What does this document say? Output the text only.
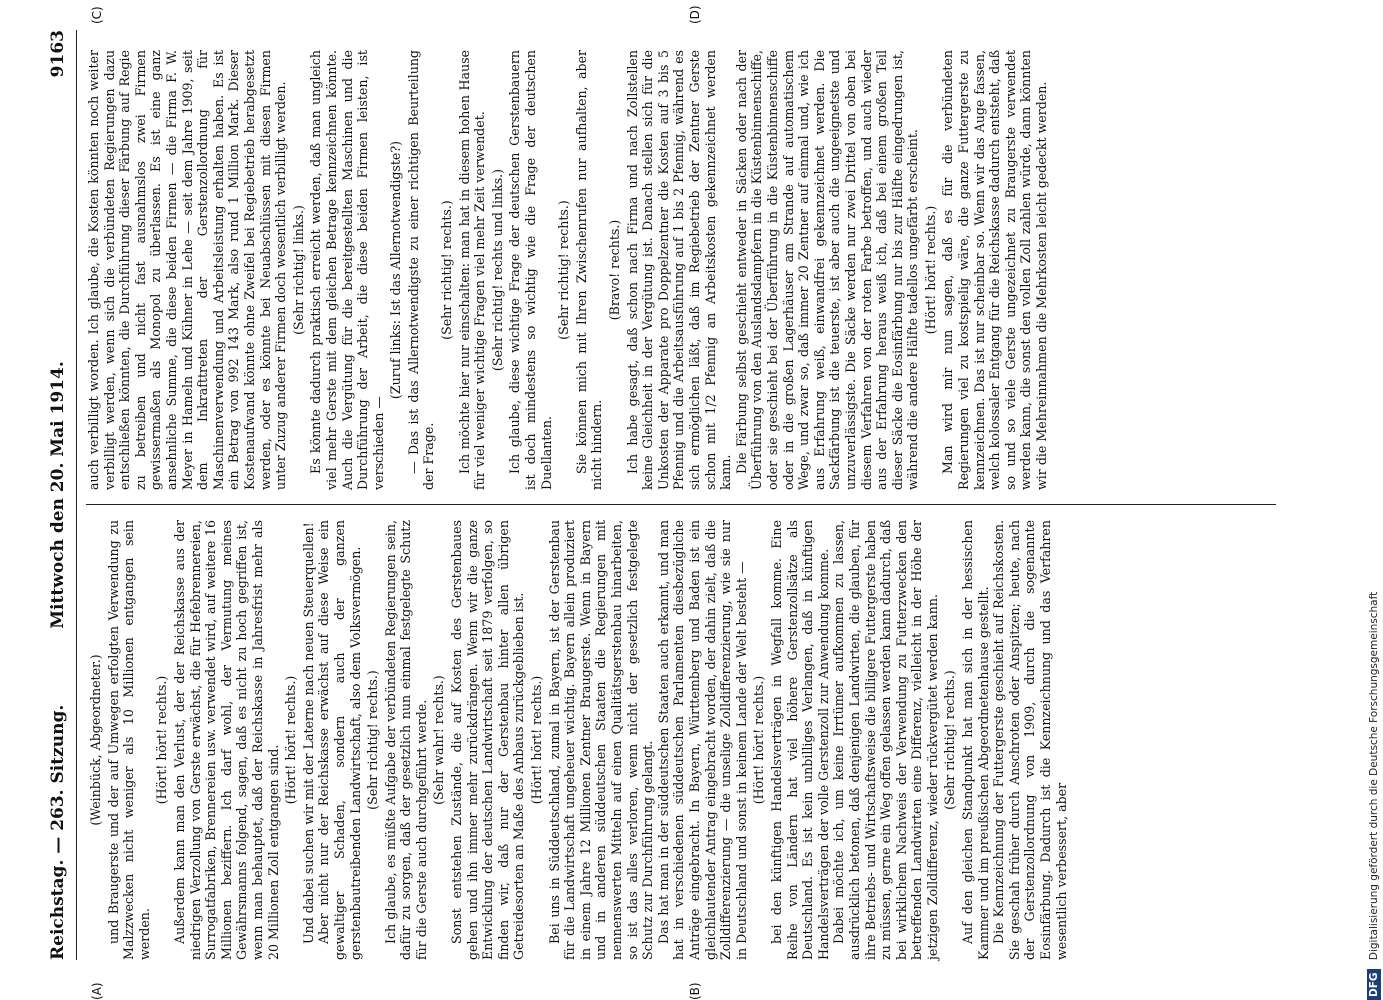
Reichstag. — 263. Sitzung.
Mittwoch den 20. Mai 1914.
9163

(Weinbück, Abgeordneter.) und Braugerste und der auf Umwegen erfolgten Verwendung zu Malzzwecken nicht weniger als 10 Millionen entgangen sein werden.

(Hört! hört! rechts.) Außerdem kann man den Verlust, der der Reichskasse aus der niedrigen Verzollung von Gerste erwächst, die für Hefebrennereien, Surrogatfabriken, Brennereien usw. verwendet wird, auf weitere 16 Millionen beziffern. Ich darf wohl, der Vermutung meines Gewährsmanns folgend, sagen, daß es nicht zu hoch gegriffen ist, wenn man behauptet, daß der Reichskasse in Jahresfrist mehr als 20 Millionen Zoll entgangen sind.

(Hört! hört! rechts.) Und dabei suchen wir mit der Laterne nach neuen Steuerquellen! Aber nicht nur der Reichskasse erwächst auf diese Weise ein gewaltiger Schaden, sondern auch der ganzen gerstenbautreibenden Landwirtschaft, also dem Volksvermögen. (Sehr richtig! rechts.) Ich glaube, es müßte Aufgabe der verbündeten Regierungen sein, dafür zu sorgen, daß der gesetzlich nun einmal festgelegte Schutz für die Gerste auch durchgeführt werde. (Sehr wahr! rechts.) Sonst entstehen Zustände, die auf Kosten des Gerstenbaues gehen und ihn immer mehr zurückdrängen. Wenn wir die ganze Entwicklung der deutschen Landwirtschaft seit 1879 verfolgen, so finden wir, daß nur der Gerstenbau hinter allen übrigen Getreidesorten an Maße des Anbaus zurückgeblieben ist. (Hört! hört! rechts.) Bei uns in Süddeutschland, zumal in Bayern, ist der Gerstenbau für die Landwirtschaft ungeheuer wichtig. Bayern allein produziert in einem Jahre 12 Millionen Zentner Braugerste. Wenn in Bayern und in anderen süddeutschen Staaten die Regierungen mit nennenswerten Mitteln auf einen Qualitätsgerstenbau hinarbeiten, so ist das alles verloren, wenn nicht der gesetzlich festgelegte Schutz zur Durchführung gelangt. Das hat man in der süddeutschen Staaten auch erkannt, und man hat in verschiedenen süddeutschen Parlamenten diesbezügliche Anträge eingebracht. In Bayern, Württemberg und Baden ist ein gleichlautender Antrag eingebracht worden, der dahin zielt, daß die Zolldifferenzierung — die unselige Zolldifferenzierung, wie sie nur in Deutschland und sonst in keinem Lande der Welt besteht — (Hört! hört! rechts.) bei den künftigen Handelsverträgen in Wegfall komme. Eine Reihe von Ländern hat viel höhere Gerstenzollsätze als Deutschland. Es ist kein unbilliges Verlangen, daß in künftigen Handelsverträgen der volle Gerstenzoll zur Anwendung komme. Dabei möchte ich, um keine Irrtümer aufkommen zu lassen, ausdrücklich betonen, daß denjenigen Landwirten, die glauben, für ihre Betriebs- und Wirtschaftsweise die billigere Futtergerste haben zu müssen, gerne ein Weg offen gelassen werden kann dadurch, daß bei wirklichem Nachweis der Verwendung zu Futterzwecken den betreffenden Landwirten eine Differenz, vielleicht in der Höhe der jetzigen Zolldifferenz, wieder rückvergütet werden kann. (Sehr richtig! rechts.) Auf den gleichen Standpunkt hat man sich in der hessischen Kammer und im preußischen Abgeordnetenhause gestellt. Die Kennzeichnung der Futtergerste geschieht auf Reichskosten. Sie geschah früher durch Anschroten oder Anspitzen; heute, nach der Gerstenzollordnung von 1909, durch die sogenannte Eosinfärbung. Dadurch ist die Kennzeichnung und das Verfahren wesentlich verbessert, aber

auch verbilligt worden. Ich glaube, die Kosten könnten noch weiter verbilligt werden, wenn sich die verbündeten Regierungen dazu entschließen könnten, die Durchführung dieser Färbung auf Regie zu betreiben und nicht fast ausnahmslos zwei Firmen gewissermaßen als Monopol zu überlassen. Es ist eine ganz ansehnliche Summe, die diese beiden Firmen — die Firma F. W. Meyer in Hameln und Kühner in Lehe — seit dem Jahre 1909, seit dem Inkrafttreten der Gerstenzollordnung für Maschinenverwendung und Arbeitsleistung erhalten haben. Es ist ein Betrag von 992 143 Mark, also rund 1 Million Mark. Dieser Kostenaufwand könnte ohne Zweifel bei Regiebetrieb herabgesetzt werden, oder es könnte bei Neuabschlüssen mit diesen Firmen unter Zuzug anderer Firmen doch wesentlich verbilligt werden. (Sehr richtig! links.) Es könnte dadurch praktisch erreicht werden, daß man ungleich viel mehr Gerste mit dem gleichen Betrage kennzeichnen könnte. Auch die Vergütung für die bereitgestellten Maschinen und die Durchführung der Arbeit, die diese beiden Firmen leisten, ist verschieden —

(Zuruf links: Ist das Allernotwendigste?) — Das ist das Allernotwendigste zu einer richtigen Beurteilung der Frage.

(Sehr richtig! rechts.) Ich möchte hier nur einschalten: man hat in diesem hohen Hause für viel weniger wichtige Fragen viel mehr Zeit verwendet. (Sehr richtig! rechts und links.) Ich glaube, diese wichtige Frage der deutschen Gerstenbauern ist doch mindestens so wichtig wie die Frage der deutschen Duellanten.

(Sehr richtig! rechts.) Sie können mich mit Ihren Zwischenrufen nur aufhalten, aber nicht hindern.

(Bravo! rechts.) Ich habe gesagt, daß schon nach Firma und nach Zollstellen keine Gleichheit in der Vergütung ist. Danach stellen sich für die Unkosten der Apparate pro Doppelzentner die Kosten auf 3 bis 5 Pfennig und die Arbeitsausführung auf 1 bis 2 Pfennig, während es sich ermöglichen läßt, daß im Regiebetrieb der Zentner Gerste schon mit 1/2 Pfennig an Arbeitskosten gekennzeichnet werden kann. Die Färbung selbst geschieht entweder in Säcken oder nach der Überführung von den Auslandsdampfern in die Küstenbinnenschiffe, oder sie geschieht bei der Überführung in die Küstenbinnenschiffe oder in die großen Lagerhäuser am Strande auf automatischem Wege, und zwar so, daß immer 20 Zentner auf einmal und, wie ich aus Erfahrung weiß, einwandfrei gekennzeichnet werden. Die Sackfärbung ist die teuerste, ist aber auch die ungeeignetste und unzuverlässigste. Die Säcke werden nur zwei Drittel von oben bei diesem Verfahren von der roten Farbe betroffen, und auch wieder aus der Erfahrung heraus weiß ich, daß bei einem großen Teil dieser Säcke die Eosinfärbung nur bis zur Hälfte eingedrungen ist, während die andere Hälfte tadellos ungefärbt erscheint. (Hört! hört! rechts.) Man wird mir nun sagen, daß es für die verbündeten Regierungen viel zu kostspielig wäre, die ganze Futtergerste zu kennzeichnen. Das ist nur scheinbar so. Wenn wir das Auge fassen, welch kolossaler Entgang für die Reichskasse dadurch entsteht, daß so und so viele Gerste ungezeichnet zu Braugerste verwendet werden kann, die sonst den vollen Zoll zahlen würde, dann könnten wir die Mehreinnahmen die Mehrkosten leicht gedeckt werden.

(A)	(B)
(C)	(D)
DFG Digitalisierung gefördert durch die Deutsche Forschungsgemeinschaft
